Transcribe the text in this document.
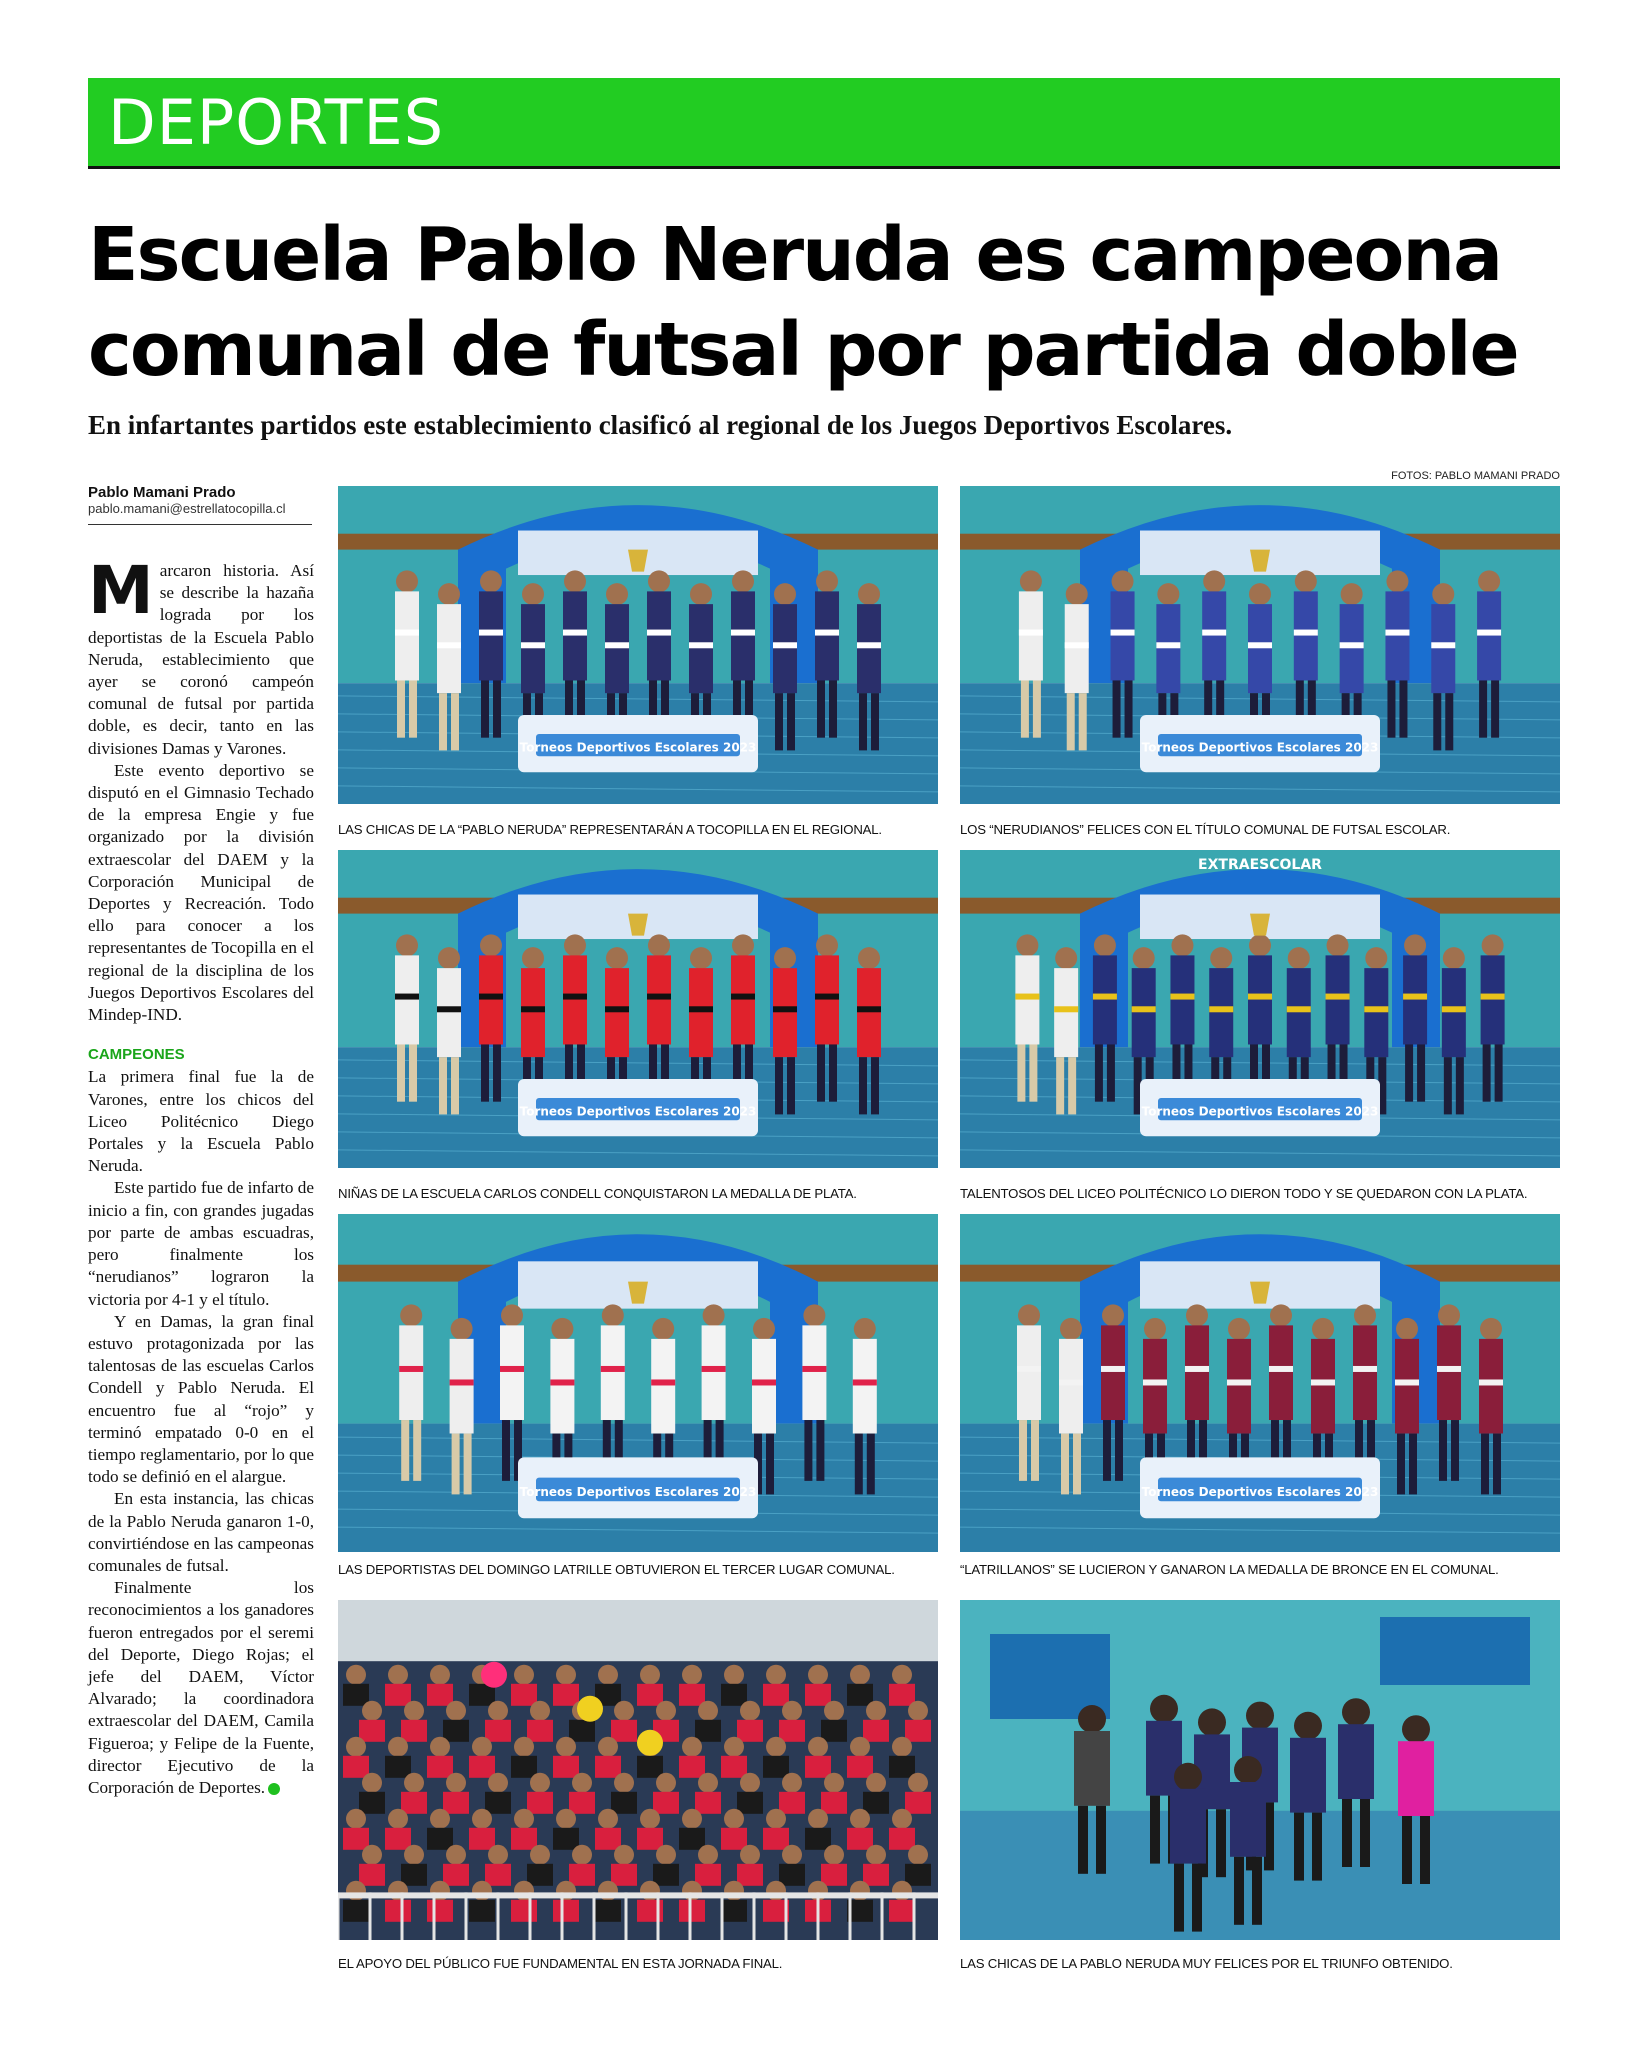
DEPORTES
Escuela Pablo Neruda es campeona comunal de futsal por partida doble

En infartantes partidos este establecimiento clasificó al regional de los Juegos Deportivos Escolares.

FOTOS: PABLO MAMANI PRADO
Pablo Mamani Prado
pablo.mamani@estrellatocopilla.cl

Marcaron historia. Así se describe la hazaña lograda por los deportistas de la Escuela Pablo Neruda, establecimiento que ayer se coronó campeón comunal de futsal por partida doble, es decir, tanto en las divisiones Damas y Varones.

Este evento deportivo se disputó en el Gimnasio Techado de la empresa Engie y fue organizado por la división extraescolar del DAEM y la Corporación Municipal de Deportes y Recreación. Todo ello para conocer a los representantes de Tocopilla en el regional de la disciplina de los Juegos Deportivos Escolares del Mindep-IND.

CAMPEONES

La primera final fue la de Varones, entre los chicos del Liceo Politécnico Diego Portales y la Escuela Pablo Neruda.

Este partido fue de infarto de inicio a fin, con grandes jugadas por parte de ambas escuadras, pero finalmente los “nerudianos” lograron la victoria por 4-1 y el título.

Y en Damas, la gran final estuvo protagonizada por las talentosas de las escuelas Carlos Condell y Pablo Neruda. El encuentro fue al “rojo” y terminó empatado 0-0 en el tiempo reglamentario, por lo que todo se definió en el alargue.

En esta instancia, las chicas de la Pablo Neruda ganaron 1-0, convirtiéndose en las campeonas comunales de futsal.

Finalmente los reconocimientos a los ganadores fueron entregados por el seremi del Deporte, Diego Rojas; el jefe del DAEM, Víctor Alvarado; la coordinadora extraescolar del DAEM, Camila Figueroa; y Felipe de la Fuente, director Ejecutivo de la Corporación de Deportes.

Torneos Deportivos Escolares 2023
LAS CHICAS DE LA “PABLO NERUDA” REPRESENTARÁN A TOCOPILLA EN EL REGIONAL.
Torneos Deportivos Escolares 2023
LOS “NERUDIANOS” FELICES CON EL TÍTULO COMUNAL DE FUTSAL ESCOLAR.
Torneos Deportivos Escolares 2023
NIÑAS DE LA ESCUELA CARLOS CONDELL CONQUISTARON LA MEDALLA DE PLATA.
EXTRAESCOLAR
Torneos Deportivos Escolares 2023
TALENTOSOS DEL LICEO POLITÉCNICO LO DIERON TODO Y SE QUEDARON CON LA PLATA.
Torneos Deportivos Escolares 2023
LAS DEPORTISTAS DEL DOMINGO LATRILLE OBTUVIERON EL TERCER LUGAR COMUNAL.
Torneos Deportivos Escolares 2023
“LATRILLANOS” SE LUCIERON Y GANARON LA MEDALLA DE BRONCE EN EL COMUNAL.
EL APOYO DEL PÚBLICO FUE FUNDAMENTAL EN ESTA JORNADA FINAL.	LAS CHICAS DE LA PABLO NERUDA MUY FELICES POR EL TRIUNFO OBTENIDO.
